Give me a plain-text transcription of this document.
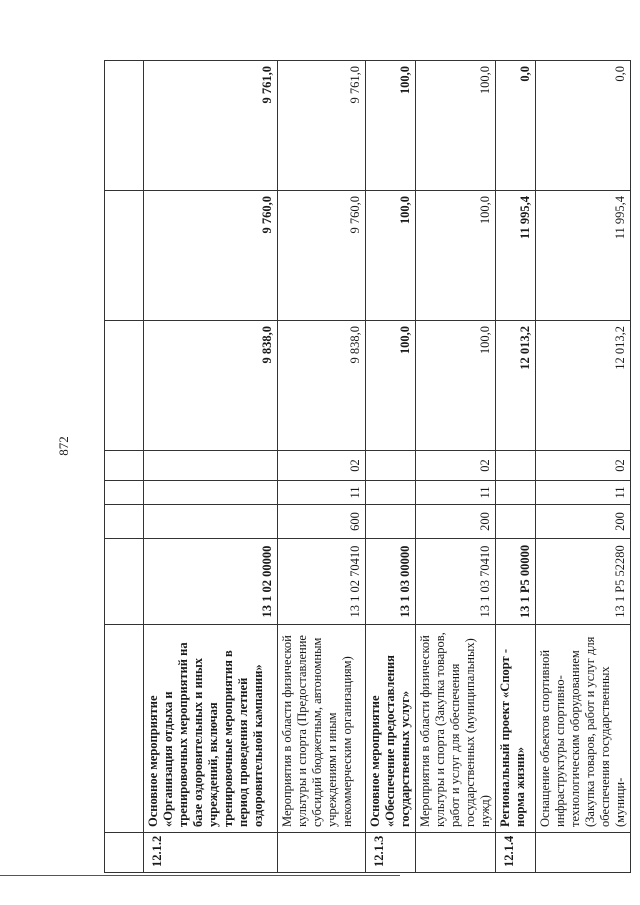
872

12.1.2	Основное мероприятие «Организация отдыха и тренировочных мероприятий на базе оздоровительных и иных учреждений, включая тренировочные мероприятия в период проведения летней оздоровительной кампании»	13 1 02 00000				9 838,0	9 760,0	9 761,0
	Мероприятия в области физической культуры и спорта (Предоставление субсидий бюджетным, автономным учреждениям и иным некоммерческим организациям)	13 1 02 70410	600	11	02	9 838,0	9 760,0	9 761,0
12.1.3	Основное мероприятие «Обеспечение предоставления государственных услуг»	13 1 03 00000				100,0	100,0	100,0
	Мероприятия в области физической культуры и спорта (Закупка товаров, работ и услуг для обеспечения государственных (муниципальных) нужд)	13 1 03 70410	200	11	02	100,0	100,0	100,0
12.1.4	Региональный проект «Спорт - норма жизни»	13 1 P5 00000				12 013,2	11 995,4	0,0
	Оснащение объектов спортивной инфраструктуры спортивно-технологическим оборудованием (Закупка товаров, работ и услуг для обеспечения государственных (муници-	13 1 P5 52280	200	11	02	12 013,2	11 995,4	0,0
